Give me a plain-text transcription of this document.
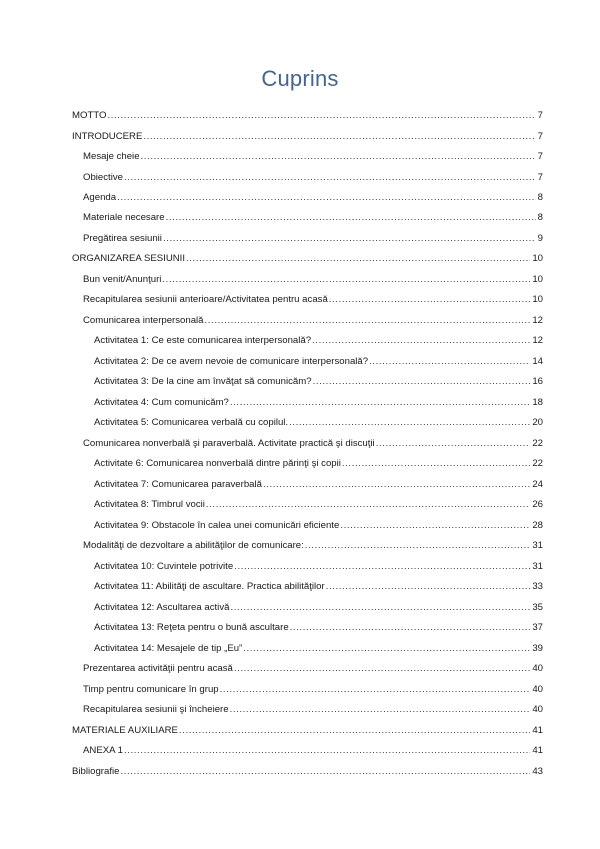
Cuprins
MOTTO .....	7
INTRODUCERE .....	7
Mesaje cheie .....	7
Obiective .....	7
Agenda .....	8
Materiale necesare .....	8
Pregătirea sesiunii .....	9
ORGANIZAREA SESIUNII .....	10
Bun venit/Anunţuri .....	10
Recapitularea sesiunii anterioare/Activitatea pentru acasă .....	10
Comunicarea interpersonală .....	12
Activitatea 1: Ce este comunicarea interpersonală? .....	12
Activitatea 2: De ce avem nevoie de comunicare interpersonală? .....	14
Activitatea 3: De la cine am învăţat să comunicăm? .....	16
Activitatea 4: Cum comunicăm? .....	18
Activitatea 5: Comunicarea verbală cu copilul. .....	20
Comunicarea nonverbală şi paraverbală. Activitate practică şi discuţii .....	22
Activitate 6: Comunicarea nonverbală dintre părinţi şi copii .....	22
Activitatea 7: Comunicarea paraverbală .....	24
Activitatea 8: Timbrul vocii .....	26
Activitatea 9: Obstacole în calea unei comunicări eficiente .....	28
Modalităţi de dezvoltare a abilităţilor de comunicare: .....	31
Activitatea 10: Cuvintele potrivite .....	31
Activitatea 11: Abilităţi de ascultare. Practica abilităţilor .....	33
Activitatea 12: Ascultarea activă .....	35
Activitatea 13: Reţeta pentru o bună ascultare .....	37
Activitatea 14: Mesajele de tip „Eu” .....	39
Prezentarea activităţii pentru acasă .....	40
Timp pentru comunicare în grup .....	40
Recapitularea sesiunii şi încheiere .....	40
MATERIALE AUXILIARE .....	41
ANEXA 1 .....	41
Bibliografie .....	43
